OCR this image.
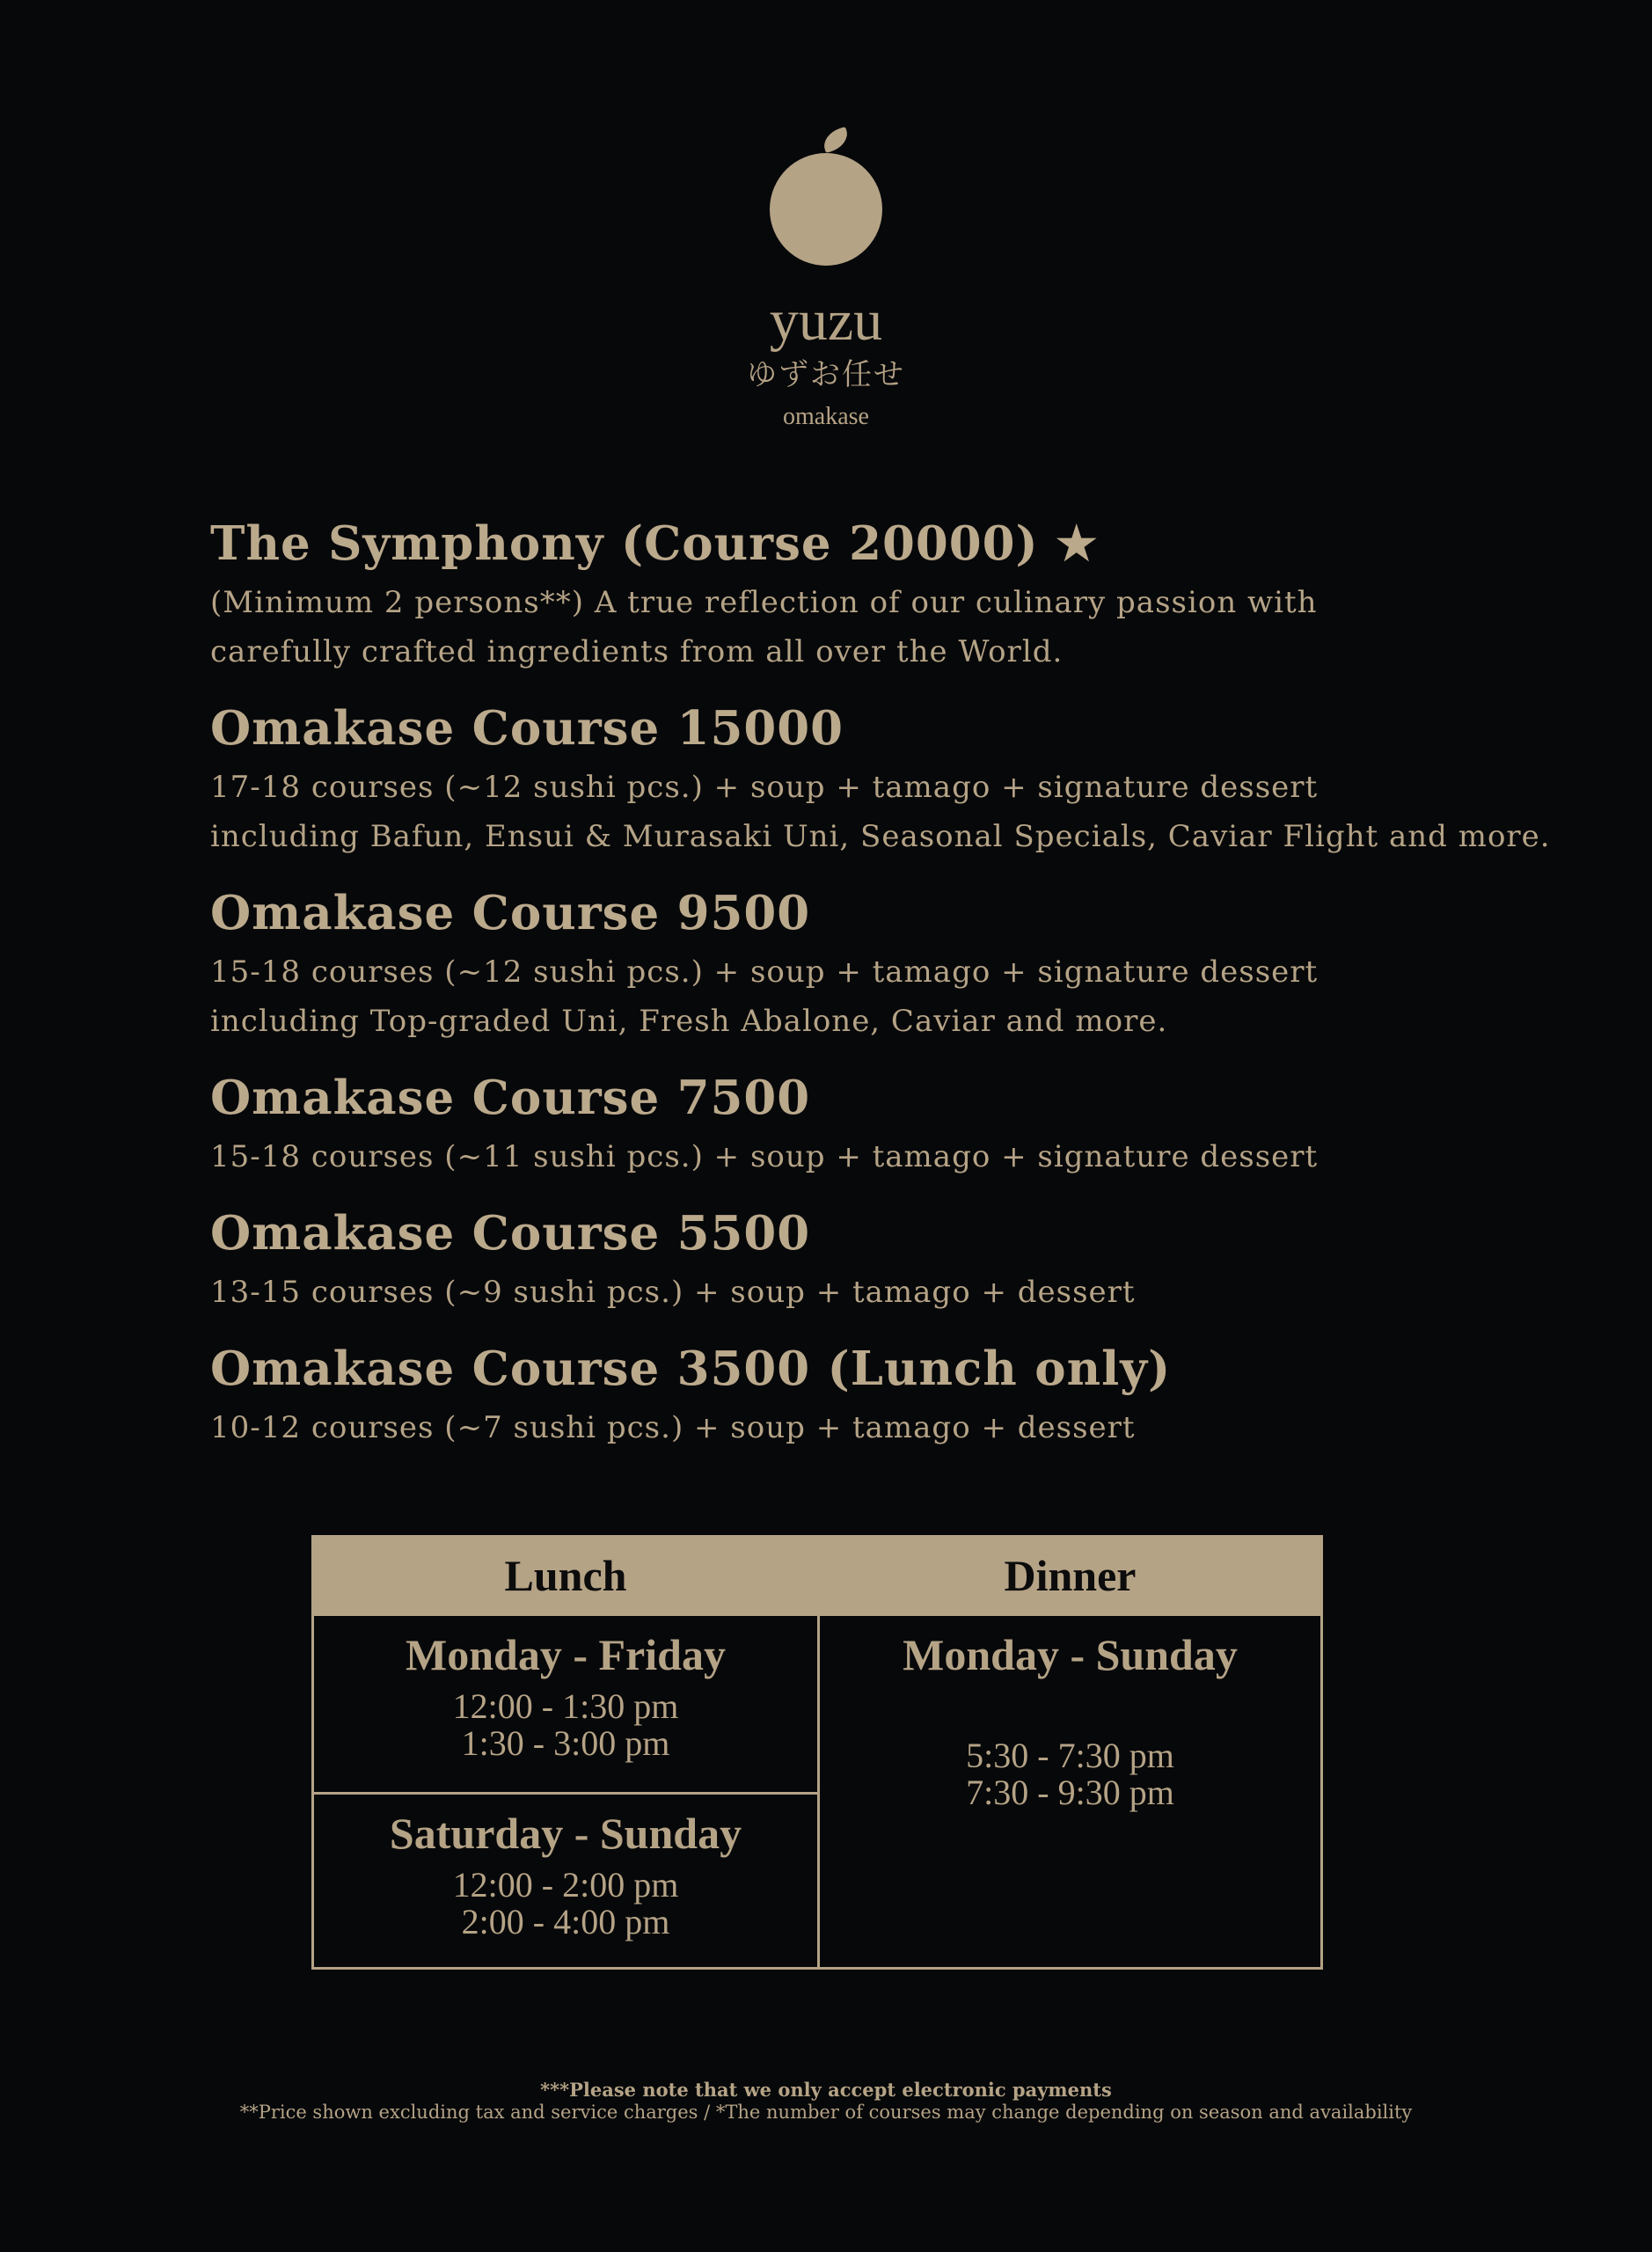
yuzu
ゆずお任せ
omakase
The Symphony (Course 20000) ★

(Minimum 2 persons**) A true reflection of our culinary passion with

carefully crafted ingredients from all over the World.

Omakase Course 15000

17-18 courses (~12 sushi pcs.) + soup + tamago + signature dessert

including Bafun, Ensui & Murasaki Uni, Seasonal Specials, Caviar Flight and more.

Omakase Course 9500

15-18 courses (~12 sushi pcs.) + soup + tamago + signature dessert

including Top-graded Uni, Fresh Abalone, Caviar and more.

Omakase Course 7500

15-18 courses (~11 sushi pcs.) + soup + tamago + signature dessert

Omakase Course 5500

13-15 courses (~9 sushi pcs.) + soup + tamago + dessert

Omakase Course 3500 (Lunch only)

10-12 courses (~7 sushi pcs.) + soup + tamago + dessert

Lunch
Monday - Friday
12:00 - 1:30 pm
1:30 - 3:00 pm
Saturday - Sunday
12:00 - 2:00 pm
2:00 - 4:00 pm
Dinner
Monday - Sunday
5:30 - 7:30 pm
7:30 - 9:30 pm
***Please note that we only accept electronic payments
**Price shown excluding tax and service charges / *The number of courses may change depending on season and availability
